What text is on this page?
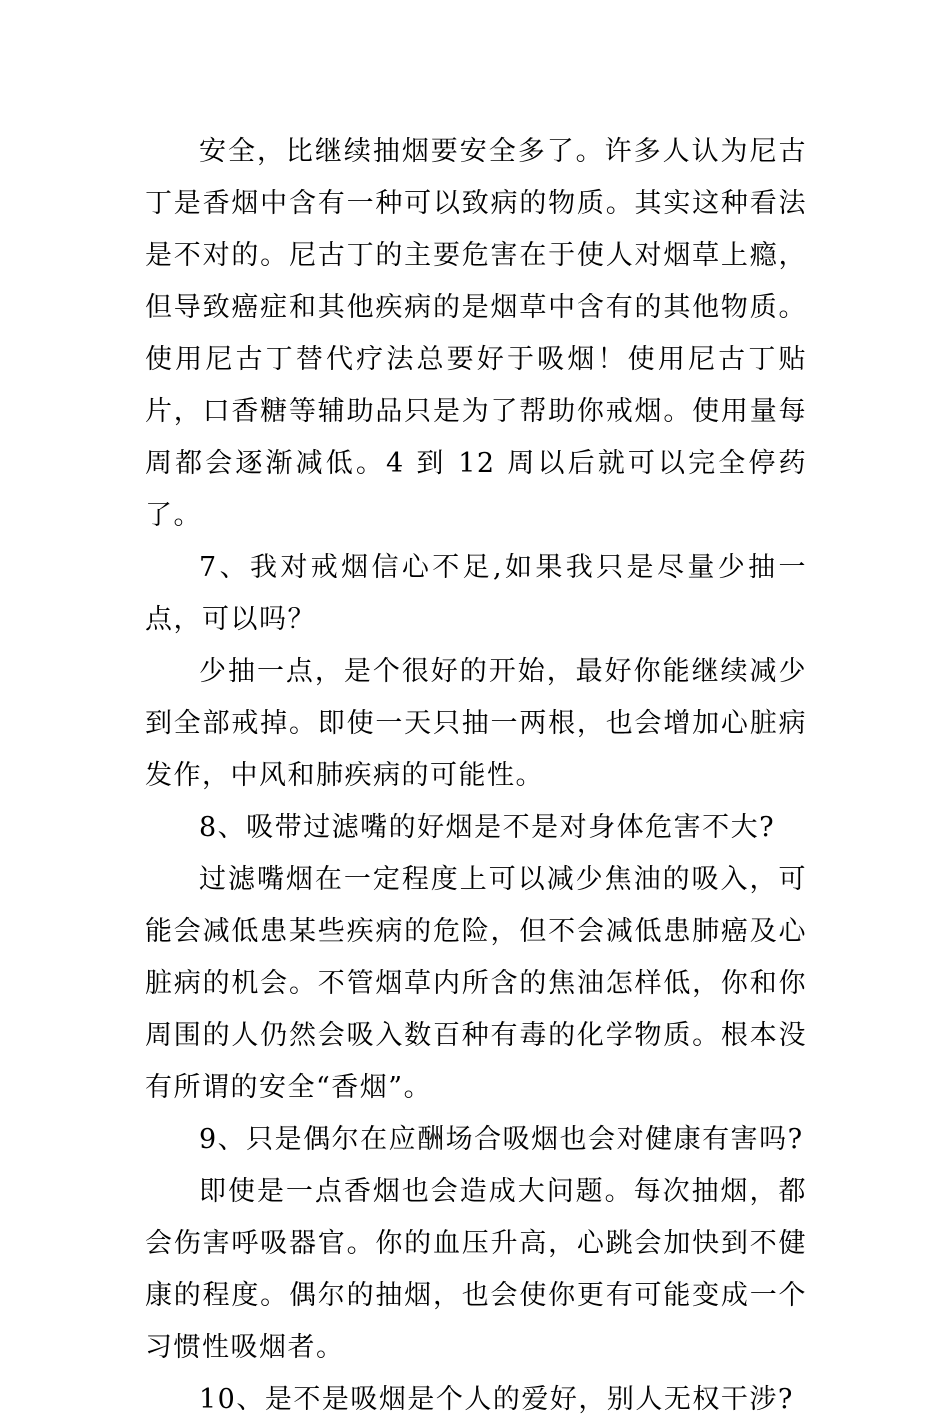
安全，比继续抽烟要安全多了。许多人认为尼古丁是香烟中含有一种可以致病的物质。其实这种看法是不对的。尼古丁的主要危害在于使人对烟草上瘾，但导致癌症和其他疾病的是烟草中含有的其他物质。使用尼古丁替代疗法总要好于吸烟！使用尼古丁贴片，口香糖等辅助品只是为了帮助你戒烟。使用量每周都会逐渐减低。4 到 12 周以后就可以完全停药了。

7、我对戒烟信心不足,如果我只是尽量少抽一点，可以吗？

少抽一点，是个很好的开始，最好你能继续减少到全部戒掉。即使一天只抽一两根，也会增加心脏病发作，中风和肺疾病的可能性。

8、吸带过滤嘴的好烟是不是对身体危害不大?

过滤嘴烟在一定程度上可以减少焦油的吸入，可能会减低患某些疾病的危险，但不会减低患肺癌及心脏病的机会。不管烟草内所含的焦油怎样低，你和你周围的人仍然会吸入数百种有毒的化学物质。根本没有所谓的安全“香烟”。

9、只是偶尔在应酬场合吸烟也会对健康有害吗?

即使是一点香烟也会造成大问题。每次抽烟，都会伤害呼吸器官。你的血压升高，心跳会加快到不健康的程度。偶尔的抽烟，也会使你更有可能变成一个习惯性吸烟者。

10、是不是吸烟是个人的爱好，别人无权干涉?
